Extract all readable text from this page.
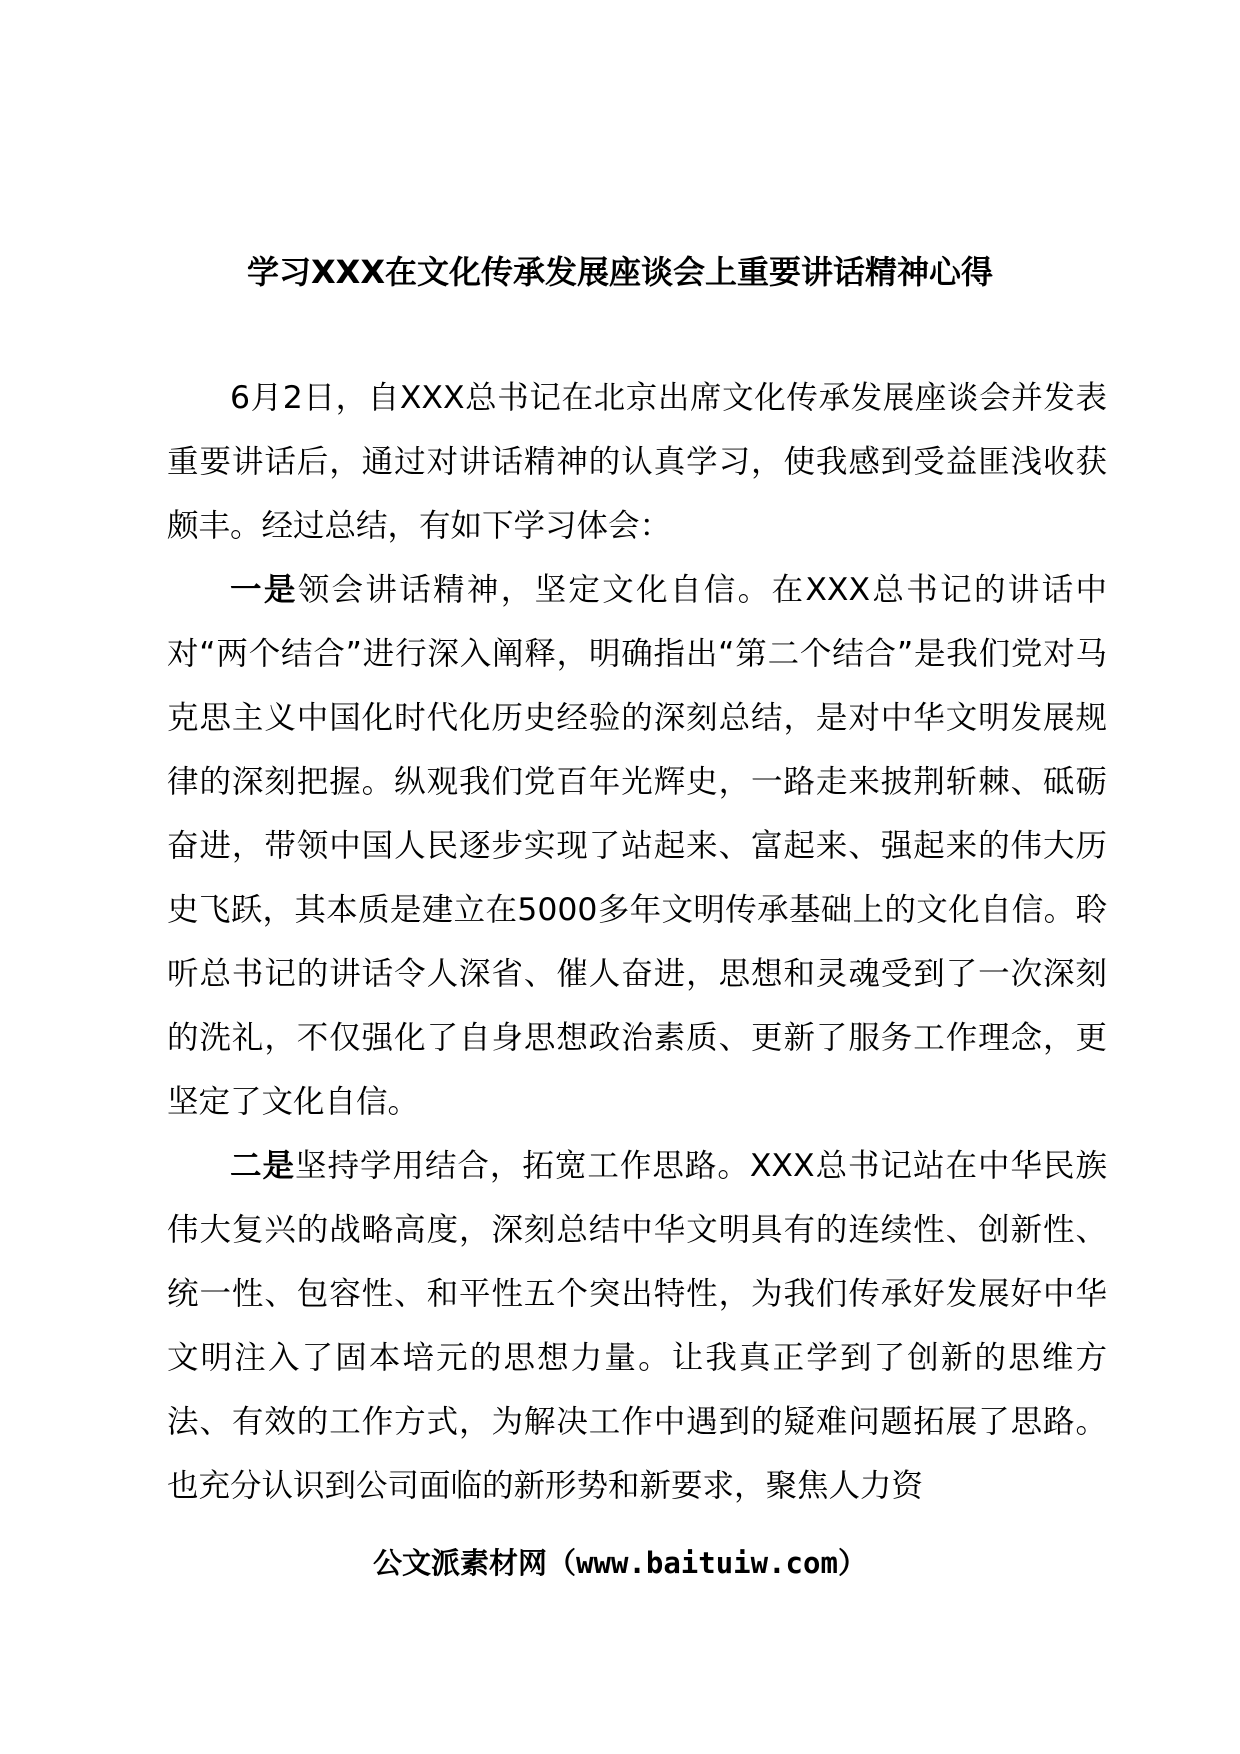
学习XXX在文化传承发展座谈会上重要讲话精神心得

6月2日，自XXX总书记在北京出席文化传承发展座谈会并发表重要讲话后，通过对讲话精神的认真学习，使我感到受益匪浅收获颇丰。经过总结，有如下学习体会：

一是领会讲话精神，坚定文化自信。在XXX总书记的讲话中对“两个结合”进行深入阐释，明确指出“第二个结合”是我们党对马克思主义中国化时代化历史经验的深刻总结，是对中华文明发展规律的深刻把握。纵观我们党百年光辉史，一路走来披荆斩棘、砥砺奋进，带领中国人民逐步实现了站起来、富起来、强起来的伟大历史飞跃，其本质是建立在5000多年文明传承基础上的文化自信。聆听总书记的讲话令人深省、催人奋进，思想和灵魂受到了一次深刻的洗礼，不仅强化了自身思想政治素质、更新了服务工作理念，更坚定了文化自信。

二是坚持学用结合，拓宽工作思路。XXX总书记站在中华民族伟大复兴的战略高度，深刻总结中华文明具有的连续性、创新性、统一性、包容性、和平性五个突出特性，为我们传承好发展好中华文明注入了固本培元的思想力量。让我真正学到了创新的思维方法、有效的工作方式，为解决工作中遇到的疑难问题拓展了思路。也充分认识到公司面临的新形势和新要求，聚焦人力资

公文派素材网（www.baituiw.com）
